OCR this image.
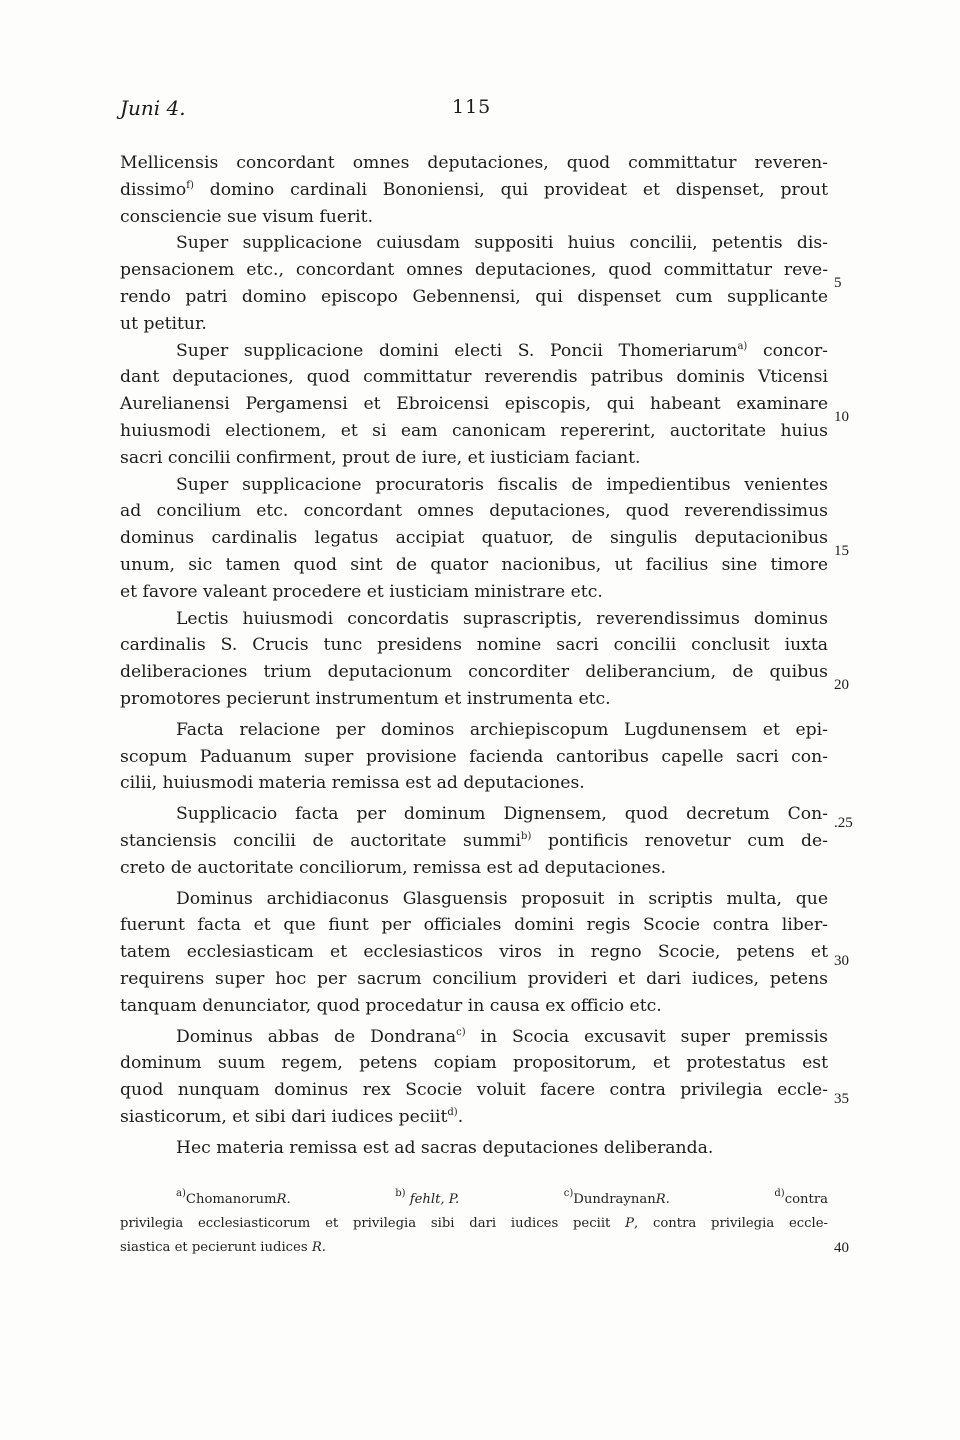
Juni 4.	115
Mellicensis concordant omnes deputaciones, quod committatur reveren-
dissimo$^{f)}$ domino cardinali Bononiensi, qui provideat et dispenset, prout
consciencie sue visum fuerit.
Super supplicacione cuiusdam suppositi huius concilii, petentis dis-
pensacionem etc., concordant omnes deputaciones, quod committatur reve-
rendo patri domino episcopo Gebennensi, qui dispenset cum supplicante
ut petitur.
Super supplicacione domini electi S. Poncii Thomeriarum$^{a)}$ concor-
dant deputaciones, quod committatur reverendis patribus dominis Vticensi
Aurelianensi Pergamensi et Ebroicensi episcopis, qui habeant examinare
huiusmodi electionem, et si eam canonicam repererint, auctoritate huius
sacri concilii confirment, prout de iure, et iusticiam faciant.
Super supplicacione procuratoris fiscalis de impedientibus venientes
ad concilium etc. concordant omnes deputaciones, quod reverendissimus
dominus cardinalis legatus accipiat quatuor, de singulis deputacionibus
unum, sic tamen quod sint de quator nacionibus, ut facilius sine timore
et favore valeant procedere et iusticiam ministrare etc.
Lectis huiusmodi concordatis suprascriptis, reverendissimus dominus
cardinalis S. Crucis tunc presidens nomine sacri concilii conclusit iuxta
deliberaciones trium deputacionum concorditer deliberancium, de quibus
promotores pecierunt instrumentum et instrumenta etc.
Facta relacione per dominos archiepiscopum Lugdunensem et epi-
scopum Paduanum super provisione facienda cantoribus capelle sacri con-
cilii, huiusmodi materia remissa est ad deputaciones.
Supplicacio facta per dominum Dignensem, quod decretum Con-
stanciensis concilii de auctoritate summi$^{b)}$ pontificis renovetur cum de-
creto de auctoritate conciliorum, remissa est ad deputaciones.
Dominus archidiaconus Glasguensis proposuit in scriptis multa, que
fuerunt facta et que fiunt per officiales domini regis Scocie contra liber-
tatem ecclesiasticam et ecclesiasticos viros in regno Scocie, petens et
requirens super hoc per sacrum concilium provideri et dari iudices, petens
tanquam denunciator, quod procedatur in causa ex officio etc.
Dominus abbas de Dondrana$^{c)}$ in Scocia excusavit super premissis
dominum suum regem, petens copiam propositorum, et protestatus est
quod nunquam dominus rex Scocie voluit facere contra privilegia eccle-
siasticorum, et sibi dari iudices peciit$^{d)}$.
Hec materia remissa est ad sacras deputaciones deliberanda.
5
10
15
20
.25
30
35
40
$^{a)}$ChomanorumR.	$^{b)}$ fehlt, P.	$^{c)}$DundraynanR.	$^{d)}$contra
privilegia ecclesiasticorum et privilegia sibi dari iudices peciit P, contra privilegia eccle-
siastica et pecierunt iudices R.
